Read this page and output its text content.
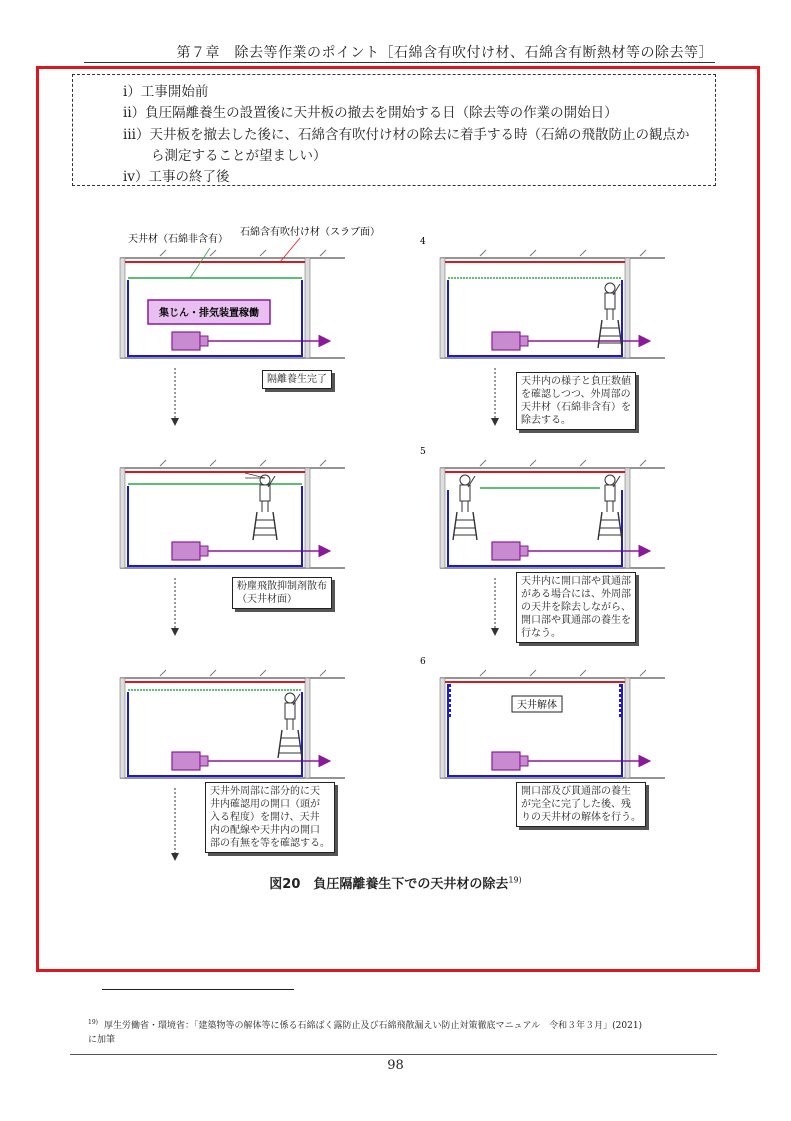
第７章　除去等作業のポイント［石綿含有吹付け材、石綿含有断熱材等の除去等］
ⅰ）工事開始前
ⅱ）負圧隔離養生の設置後に天井板の撤去を開始する日（除去等の作業の開始日）
ⅲ）天井板を撤去した後に、石綿含有吹付け材の除去に着手する時（石綿の飛散防止の観点か
ら測定することが望ましい）
ⅳ）工事の終了後
集じん・排気装置稼働
天井材（石綿非含有）
石綿含有吹付け材（スラブ面）
4
5
6
天井解体
隔離養生完了
粉塵飛散抑制剤散布
（天井材面）
天井外周部に部分的に天
井内確認用の開口（頭が
入る程度）を開け、天井
内の配線や天井内の開口
部の有無を等を確認する。
天井内の様子と負圧数値
を確認しつつ、外周部の
天井材（石綿非含有）を
除去する。
天井内に開口部や貫通部
がある場合には、外周部
の天井を除去しながら、
開口部や貫通部の養生を
行なう。
開口部及び貫通部の養生
が完全に完了した後、残
りの天井材の解体を行う。
図20　負圧隔離養生下での天井材の除去$^{19)}$
$^{19)}$ 厚生労働省・環境省：「建築物等の解体等に係る石綿ばく露防止及び石綿飛散漏えい防止対策徹底マニュアル　令和３年３月」(2021)
に加筆
98
